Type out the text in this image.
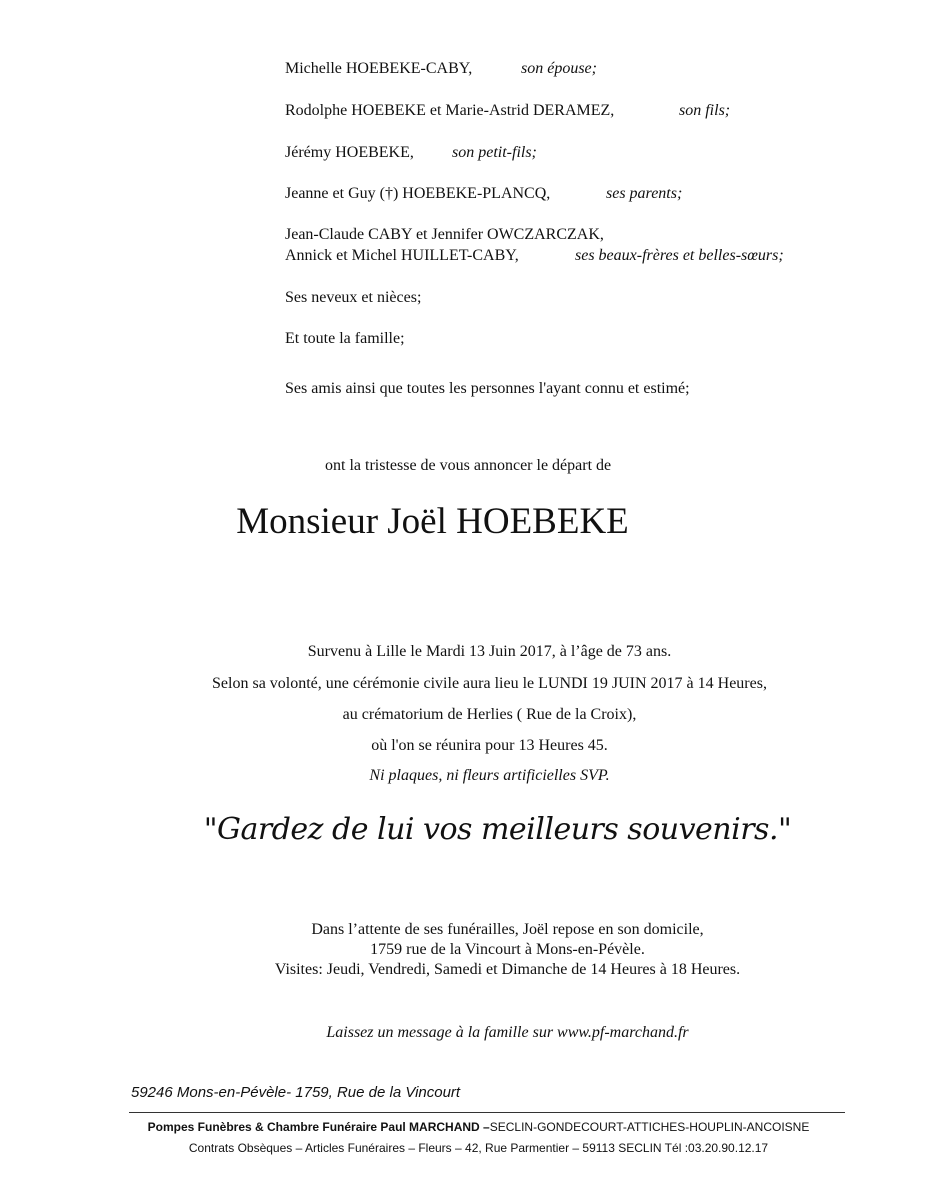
Michelle HOEBEKE-CABY,	son épouse;
Rodolphe HOEBEKE et Marie-Astrid DERAMEZ,	son fils;
Jérémy HOEBEKE, son petit-fils;
Jeanne et Guy (†) HOEBEKE-PLANCQ,	ses parents;
Jean-Claude CABY et Jennifer OWCZARCZAK,
Annick et Michel HUILLET-CABY,	ses beaux-frères et belles-sœurs;
Ses neveux et nièces;
Et toute la famille;
Ses amis ainsi que toutes les personnes l'ayant connu et estimé;
ont la tristesse de vous annoncer le départ de
Monsieur Joël HOEBEKE
Survenu à Lille le Mardi 13 Juin 2017, à l’âge de 73 ans.
Selon sa volonté, une cérémonie civile aura lieu le LUNDI 19 JUIN 2017 à 14 Heures,
au crématorium de Herlies ( Rue de la Croix),
où l'on se réunira pour 13 Heures 45.
Ni plaques, ni fleurs artificielles SVP.
"Gardez de lui vos meilleurs souvenirs."
Dans l’attente de ses funérailles, Joël repose en son domicile,
1759 rue de la Vincourt à Mons-en-Pévèle.
Visites: Jeudi, Vendredi, Samedi et Dimanche de 14 Heures à 18 Heures.
Laissez un message à la famille sur www.pf-marchand.fr
59246 Mons-en-Pévèle- 1759, Rue de la Vincourt
Pompes Funèbres & Chambre Funéraire Paul MARCHAND –SECLIN-GONDECOURT-ATTICHES-HOUPLIN-ANCOISNE
Contrats Obsèques – Articles Funéraires – Fleurs – 42, Rue Parmentier – 59113 SECLIN Tél :03.20.90.12.17
